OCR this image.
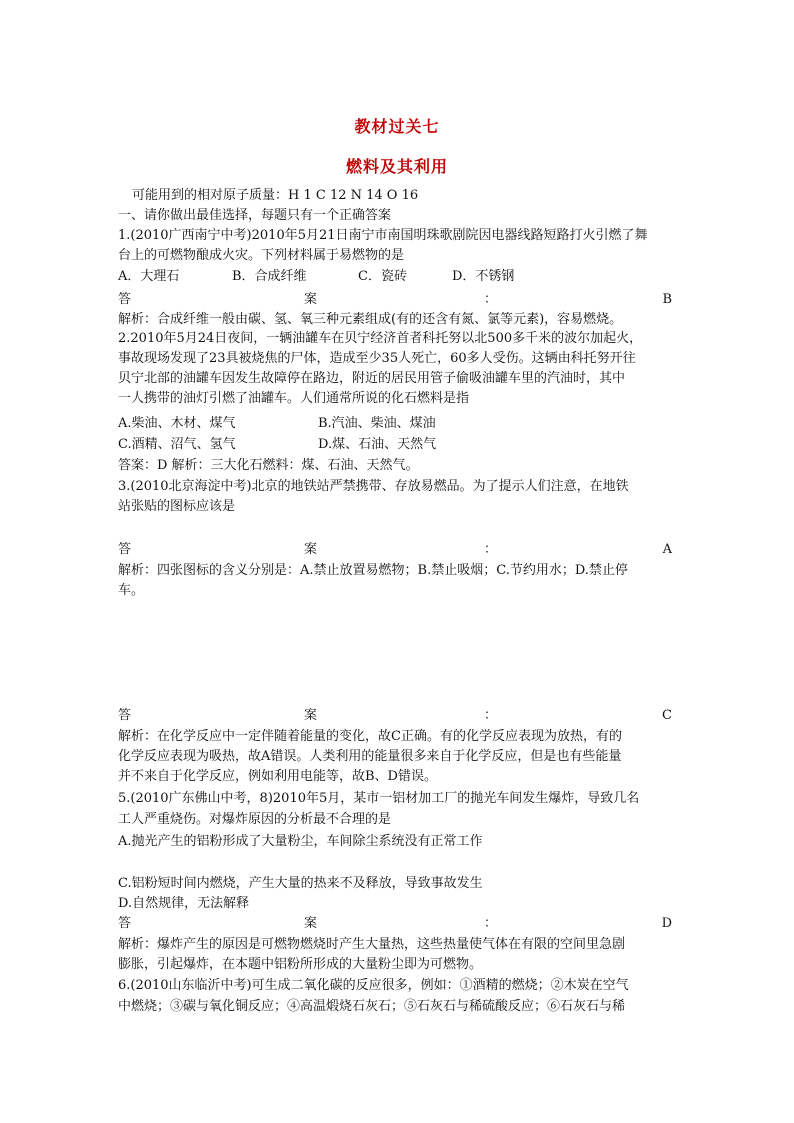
教材过关七
燃料及其利用
可能用到的相对原子质量：H 1 C 12 N 14 O 16
一、请你做出最佳选择，每题只有一个正确答案
1.(2010广西南宁中考)2010年5月21日南宁市南国明珠歌剧院因电器线路短路打火引燃了舞
台上的可燃物酿成火灾。下列材料属于易燃物的是
A．大理石	B．合成纤维	C．瓷砖	D．不锈钢
答	案	：	B
解析：合成纤维一般由碳、氢、氧三种元素组成(有的还含有氮、氯等元素)，容易燃烧。
2.2010年5月24日夜间，一辆油罐车在贝宁经济首者科托努以北500多千米的波尔加起火，
事故现场发现了23具被烧焦的尸体，造成至少35人死亡，60多人受伤。这辆由科托努开往
贝宁北部的油罐车因发生故障停在路边，附近的居民用管子偷吸油罐车里的汽油时，其中
一人携带的油灯引燃了油罐车。人们通常所说的化石燃料是指
A.柴油、木材、煤气	B.汽油、柴油、煤油
C.酒精、沼气、氢气	D.煤、石油、天然气
答案：D 解析：三大化石燃料：煤、石油、天然气。
3.(2010北京海淀中考)北京的地铁站严禁携带、存放易燃品。为了提示人们注意，在地铁
站张贴的图标应该是
答	案	：	A
解析：四张图标的含义分别是：A.禁止放置易燃物；B.禁止吸烟；C.节约用水；D.禁止停
车。
答	案	：	C
解析：在化学反应中一定伴随着能量的变化，故C正确。有的化学反应表现为放热，有的
化学反应表现为吸热，故A错误。人类利用的能量很多来自于化学反应，但是也有些能量
并不来自于化学反应，例如利用电能等，故B、D错误。
5.(2010广东佛山中考，8)2010年5月，某市一铝材加工厂的抛光车间发生爆炸，导致几名
工人严重烧伤。对爆炸原因的分析最不合理的是
A.抛光产生的铝粉形成了大量粉尘，车间除尘系统没有正常工作
C.铝粉短时间内燃烧，产生大量的热来不及释放，导致事故发生
D.自然规律，无法解释
答	案	：	D
解析：爆炸产生的原因是可燃物燃烧时产生大量热，这些热量使气体在有限的空间里急剧
膨胀，引起爆炸，在本题中铝粉所形成的大量粉尘即为可燃物。
6.(2010山东临沂中考)可生成二氧化碳的反应很多，例如：①酒精的燃烧；②木炭在空气
中燃烧；③碳与氧化铜反应；④高温煅烧石灰石；⑤石灰石与稀硫酸反应；⑥石灰石与稀
